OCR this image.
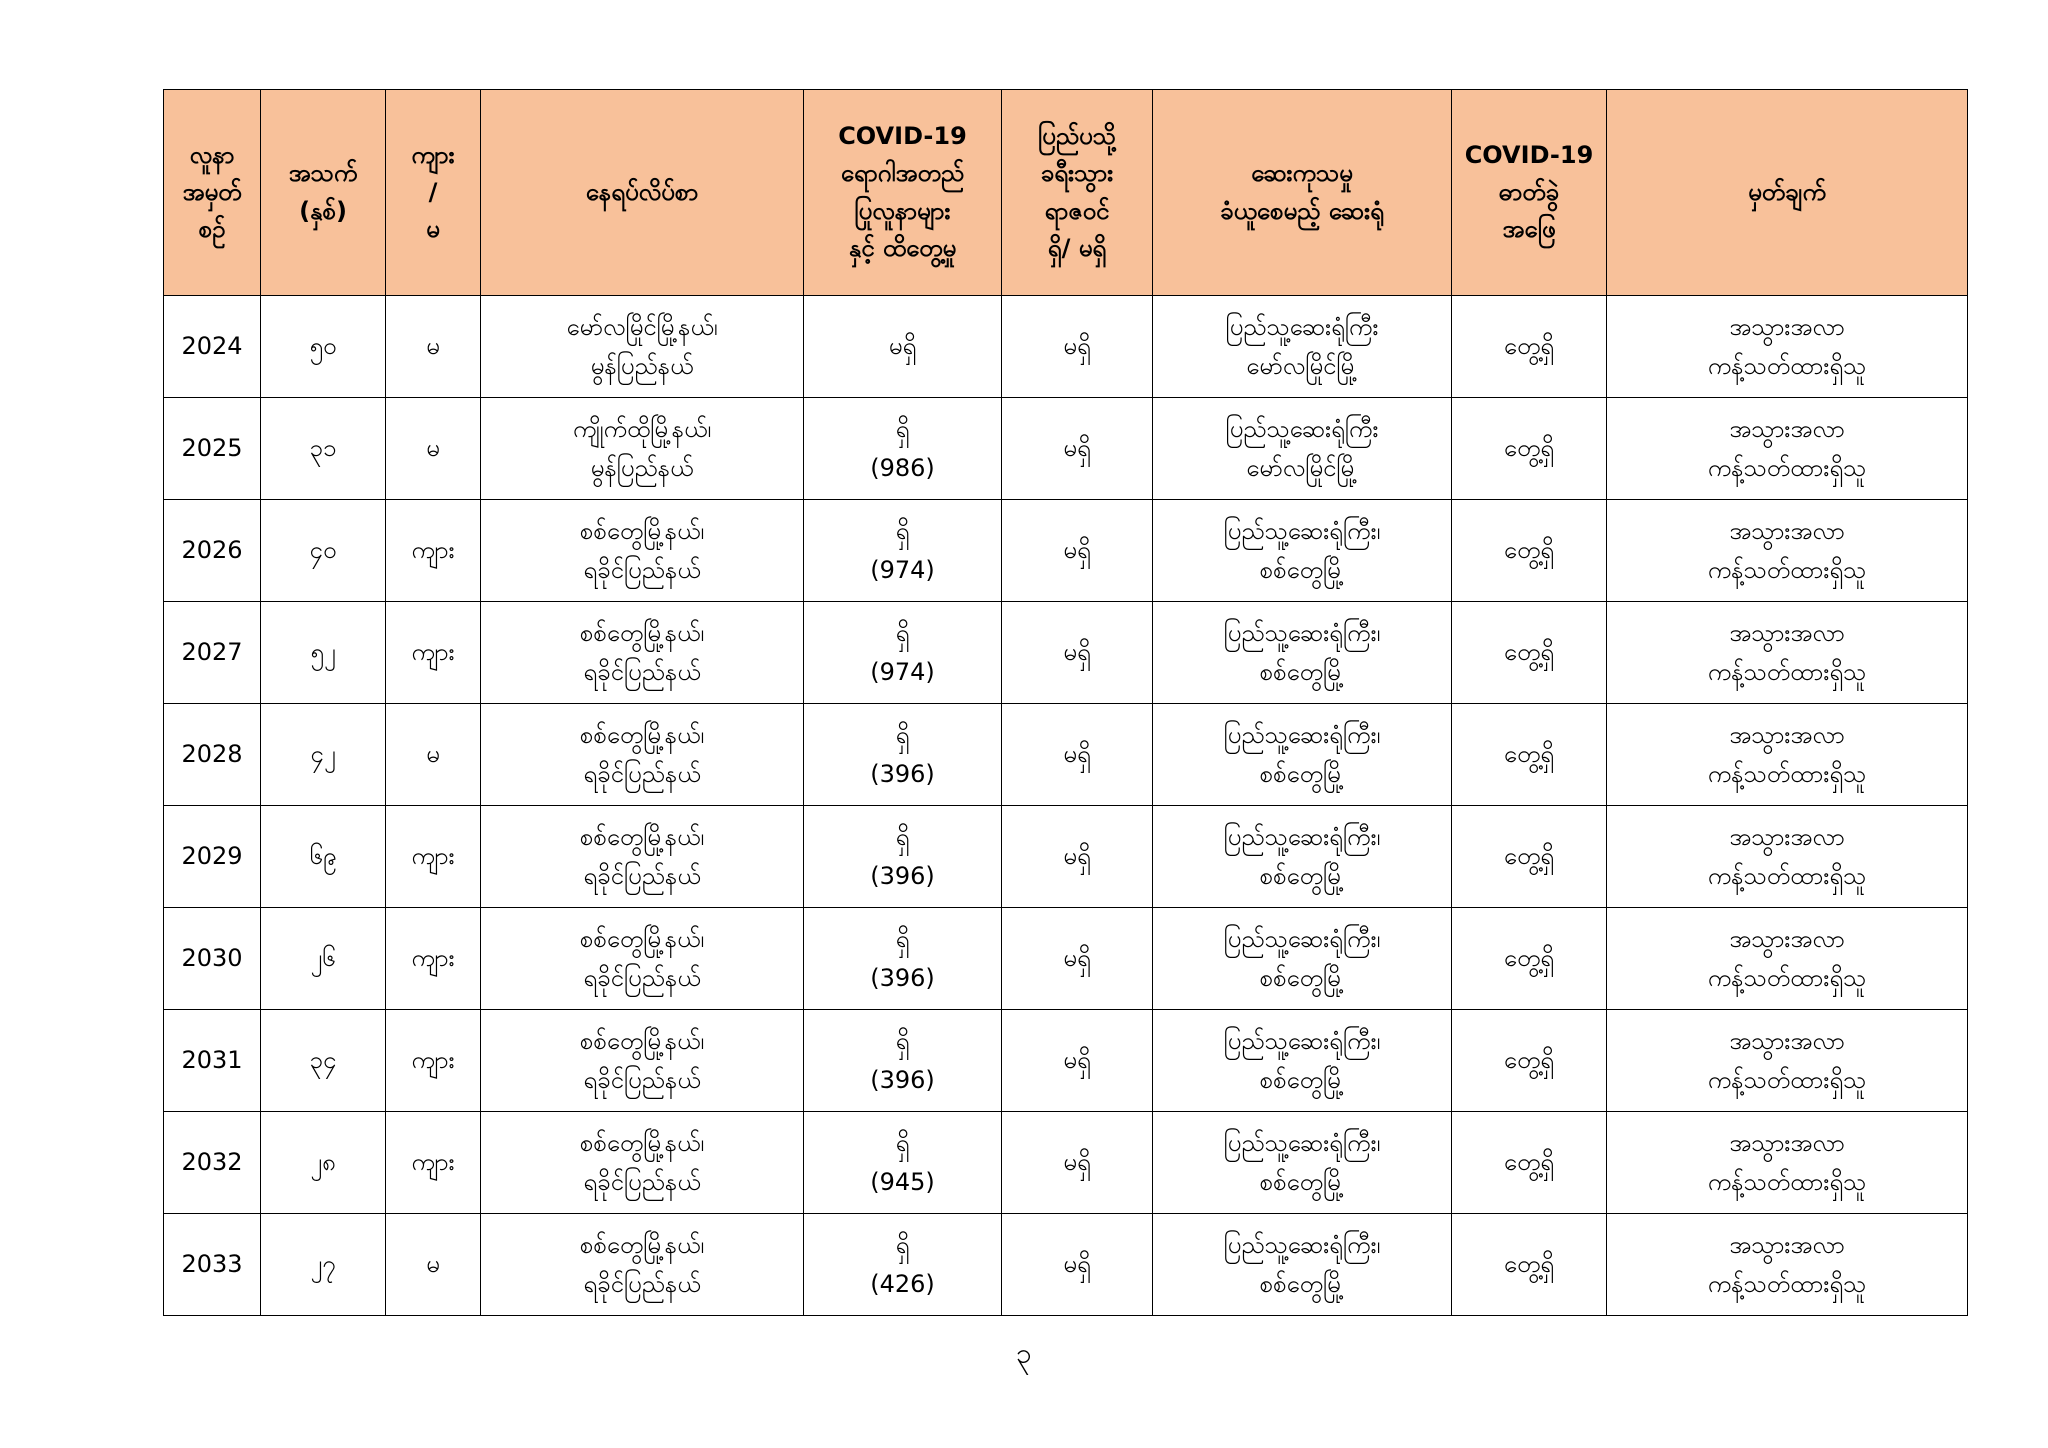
လူနာ
အမှတ်
စဉ်	အသက်
(နှစ်)	ကျား
/
မ	နေရပ်လိပ်စာ	COVID-19
ရောဂါအတည်
ပြုလူနာများ
နှင့် ထိတွေ့မှု	ပြည်ပသို့
ခရီးသွား
ရာဇဝင်
ရှိ/ မရှိ	ဆေးကုသမှု
ခံယူစေမည့် ဆေးရုံ	COVID-19
ဓာတ်ခွဲ
အဖြေ	မှတ်ချက်

2024	၅၀	မ	မော်လမြိုင်မြို့နယ်၊
မွန်ပြည်နယ်	မရှိ	မရှိ	ပြည်သူ့ဆေးရုံကြီး
မော်လမြိုင်မြို့	တွေ့ရှိ	အသွားအလာ
ကန့်သတ်ထားရှိသူ

2025	၃၁	မ	ကျိုက်ထိုမြို့နယ်၊
မွန်ပြည်နယ်	ရှိ
(986)	မရှိ	ပြည်သူ့ဆေးရုံကြီး
မော်လမြိုင်မြို့	တွေ့ရှိ	အသွားအလာ
ကန့်သတ်ထားရှိသူ

2026	၄၀	ကျား	စစ်တွေမြို့နယ်၊
ရခိုင်ပြည်နယ်	ရှိ
(974)	မရှိ	ပြည်သူ့ဆေးရုံကြီး၊
စစ်တွေမြို့	တွေ့ရှိ	အသွားအလာ
ကန့်သတ်ထားရှိသူ

2027	၅၂	ကျား	စစ်တွေမြို့နယ်၊
ရခိုင်ပြည်နယ်	ရှိ
(974)	မရှိ	ပြည်သူ့ဆေးရုံကြီး၊
စစ်တွေမြို့	တွေ့ရှိ	အသွားအလာ
ကန့်သတ်ထားရှိသူ

2028	၄၂	မ	စစ်တွေမြို့နယ်၊
ရခိုင်ပြည်နယ်	ရှိ
(396)	မရှိ	ပြည်သူ့ဆေးရုံကြီး၊
စစ်တွေမြို့	တွေ့ရှိ	အသွားအလာ
ကန့်သတ်ထားရှိသူ

2029	၆၉	ကျား	စစ်တွေမြို့နယ်၊
ရခိုင်ပြည်နယ်	ရှိ
(396)	မရှိ	ပြည်သူ့ဆေးရုံကြီး၊
စစ်တွေမြို့	တွေ့ရှိ	အသွားအလာ
ကန့်သတ်ထားရှိသူ

2030	၂၆	ကျား	စစ်တွေမြို့နယ်၊
ရခိုင်ပြည်နယ်	ရှိ
(396)	မရှိ	ပြည်သူ့ဆေးရုံကြီး၊
စစ်တွေမြို့	တွေ့ရှိ	အသွားအလာ
ကန့်သတ်ထားရှိသူ

2031	၃၄	ကျား	စစ်တွေမြို့နယ်၊
ရခိုင်ပြည်နယ်	ရှိ
(396)	မရှိ	ပြည်သူ့ဆေးရုံကြီး၊
စစ်တွေမြို့	တွေ့ရှိ	အသွားအလာ
ကန့်သတ်ထားရှိသူ

2032	၂၈	ကျား	စစ်တွေမြို့နယ်၊
ရခိုင်ပြည်နယ်	ရှိ
(945)	မရှိ	ပြည်သူ့ဆေးရုံကြီး၊
စစ်တွေမြို့	တွေ့ရှိ	အသွားအလာ
ကန့်သတ်ထားရှိသူ

2033	၂၇	မ	စစ်တွေမြို့နယ်၊
ရခိုင်ပြည်နယ်	ရှိ
(426)	မရှိ	ပြည်သူ့ဆေးရုံကြီး၊
စစ်တွေမြို့	တွေ့ရှိ	အသွားအလာ
ကန့်သတ်ထားရှိသူ
၃
